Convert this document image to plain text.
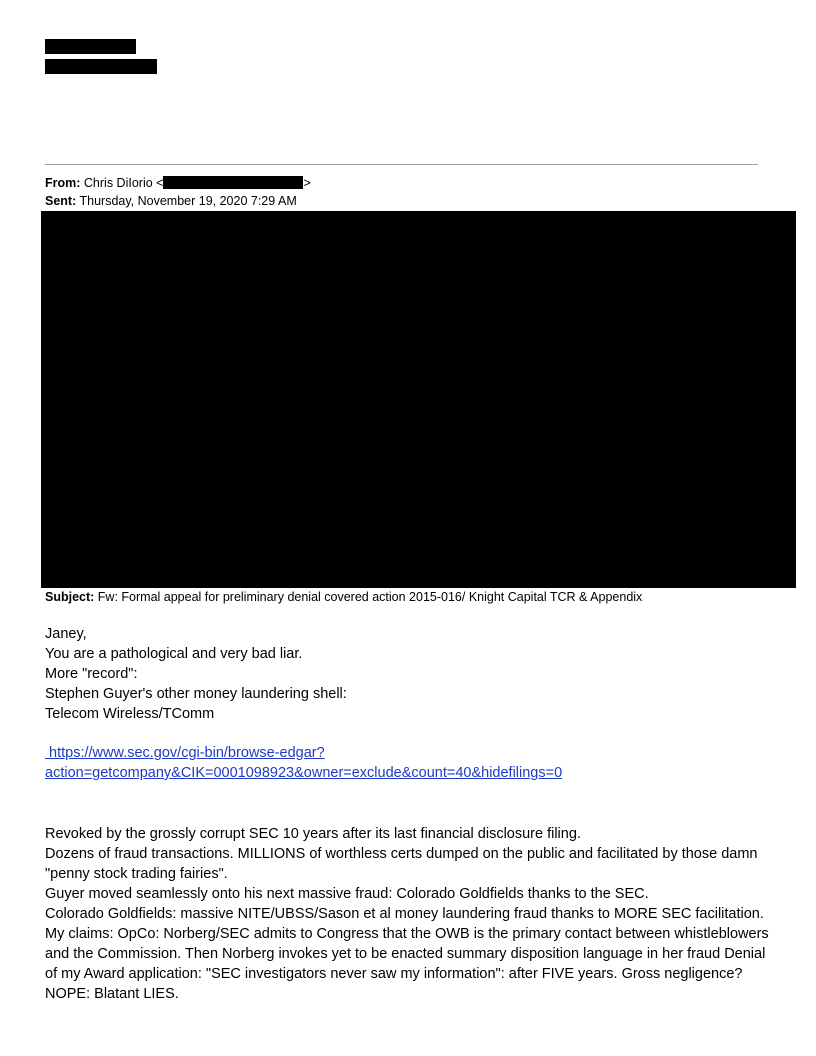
From: Chris DiIorio <	>
Sent: Thursday, November 19, 2020 7:29 AM
Subject: Fw: Formal appeal for preliminary denial covered action 2015-016/ Knight Capital TCR & Appendix

Janey,

You are a pathological and very bad liar.

More "record":

Stephen Guyer's other money laundering shell:

Telecom Wireless/TComm

https://www.sec.gov/cgi-bin/browse-edgar?
action=getcompany&CIK=0001098923&owner=exclude&count=40&hidefilings=0

Revoked by the grossly corrupt SEC 10 years after its last financial disclosure filing.

Dozens of fraud transactions. MILLIONS of worthless certs dumped on the public and facilitated by those damn "penny stock trading fairies".

Guyer moved seamlessly onto his next massive fraud: Colorado Goldfields thanks to the SEC.

Colorado Goldfields: massive NITE/UBSS/Sason et al money laundering fraud thanks to MORE SEC facilitation.

My claims: OpCo: Norberg/SEC admits to Congress that the OWB is the primary contact between whistleblowers and the Commission. Then Norberg invokes yet to be enacted summary disposition language in her fraud Denial of my Award application: "SEC investigators never saw my information": after FIVE years. Gross negligence? NOPE: Blatant LIES.
